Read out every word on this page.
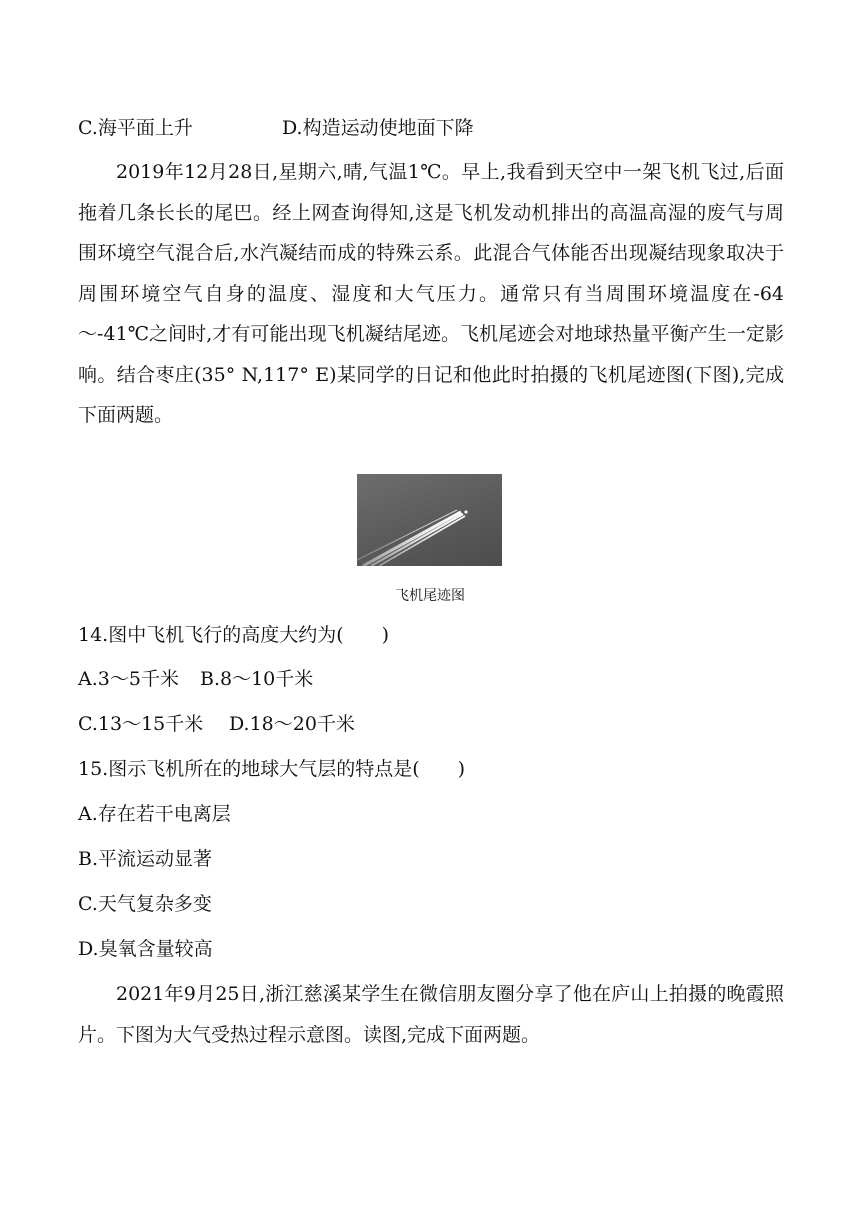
C.海平面上升	D.构造运动使地面下降

2019年12月28日,星期六,晴,气温1℃。早上,我看到天空中一架飞机飞过,后面拖着几条长长的尾巴。经上网查询得知,这是飞机发动机排出的高温高湿的废气与周围环境空气混合后,水汽凝结而成的特殊云系。此混合气体能否出现凝结现象取决于周围环境空气自身的温度、湿度和大气压力。通常只有当周围环境温度在-64～-41℃之间时,才有可能出现飞机凝结尾迹。飞机尾迹会对地球热量平衡产生一定影响。结合枣庄(35° N,117° E)某同学的日记和他此时拍摄的飞机尾迹图(下图),完成下面两题。

飞机尾迹图
14.图中飞机飞行的高度大约为(　　)
A.3～5千米 B.8～10千米
C.13～15千米 D.18～20千米
15.图示飞机所在的地球大气层的特点是(　　)
A.存在若干电离层
B.平流运动显著
C.天气复杂多变
D.臭氧含量较高

2021年9月25日,浙江慈溪某学生在微信朋友圈分享了他在庐山上拍摄的晚霞照片。下图为大气受热过程示意图。读图,完成下面两题。
